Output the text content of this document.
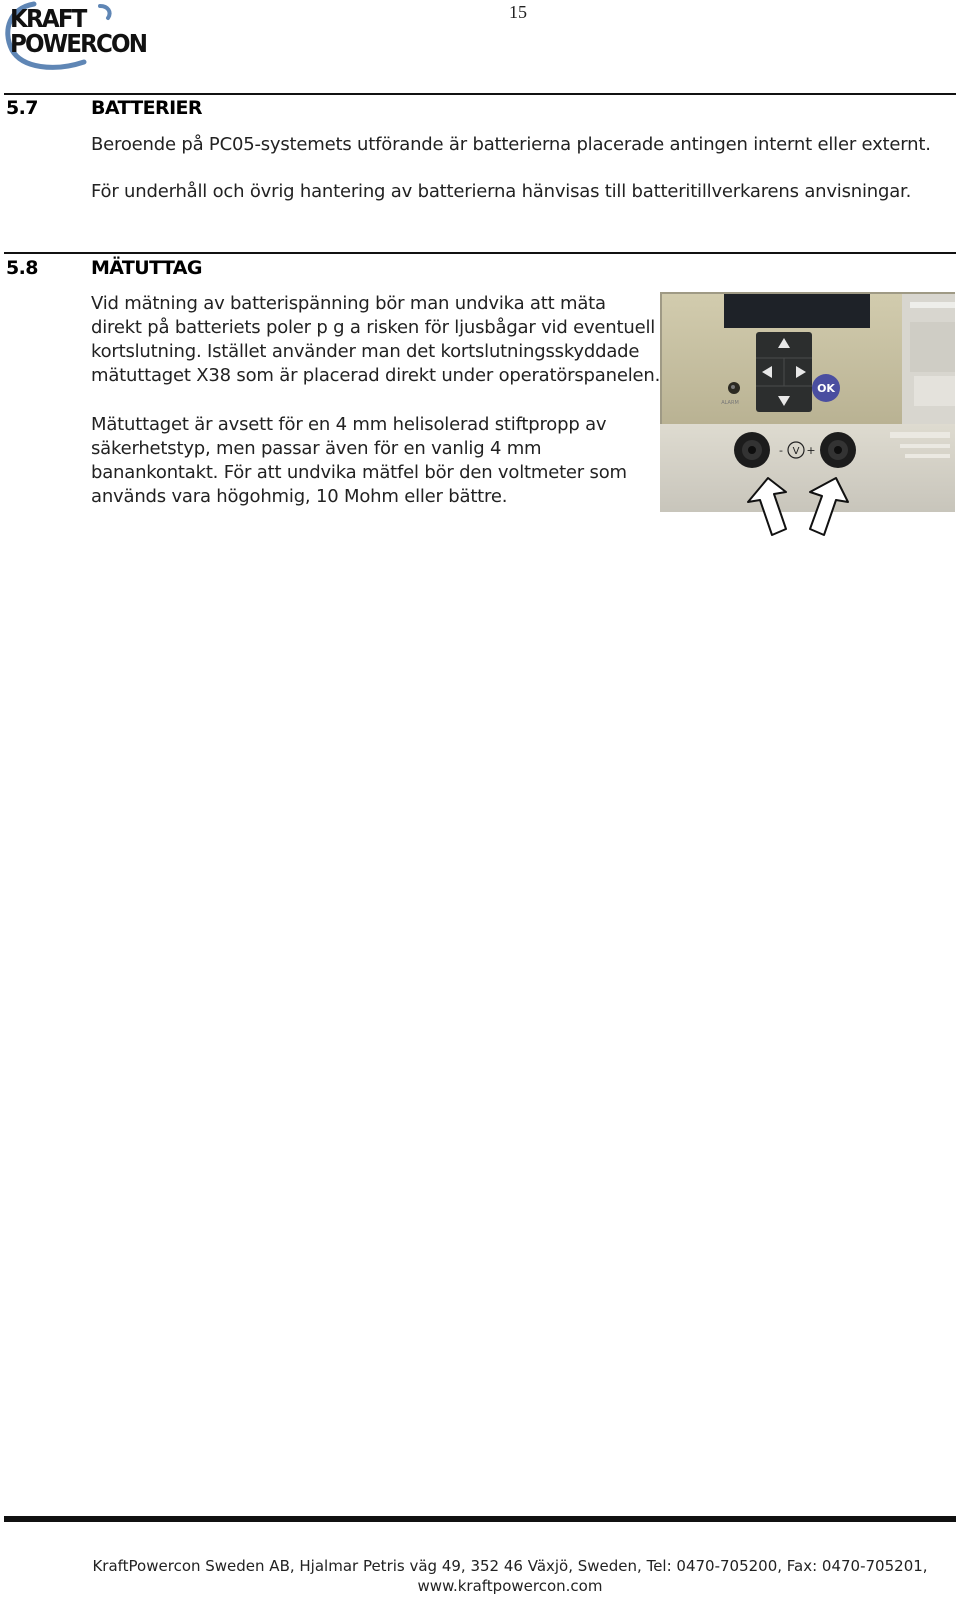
15
KRAFT
POWERCON
5.7	BATTERIER
Beroende på PC05-systemets utförande är batterierna placerade antingen internt eller externt.
För underhåll och övrig hantering av batterierna hänvisas till batteritillverkarens anvisningar.
5.8	MÄTUTTAG
Vid mätning av batterispänning bör man undvika att mäta
direkt på batteriets poler p g a risken för ljusbågar vid eventuell
kortslutning. Istället använder man det kortslutningsskyddade
mätuttaget X38 som är placerad direkt under operatörspanelen.
Mätuttaget är avsett för en 4 mm helisolerad stiftpropp av
säkerhetstyp, men passar även för en vanlig 4 mm
banankontakt. För att undvika mätfel bör den voltmeter som
används vara högohmig, 10 Mohm eller bättre.
OK
ALARM
- V +
KraftPowercon Sweden AB, Hjalmar Petris väg 49, 352 46 Växjö, Sweden, Tel: 0470-705200, Fax: 0470-705201,
www.kraftpowercon.com
